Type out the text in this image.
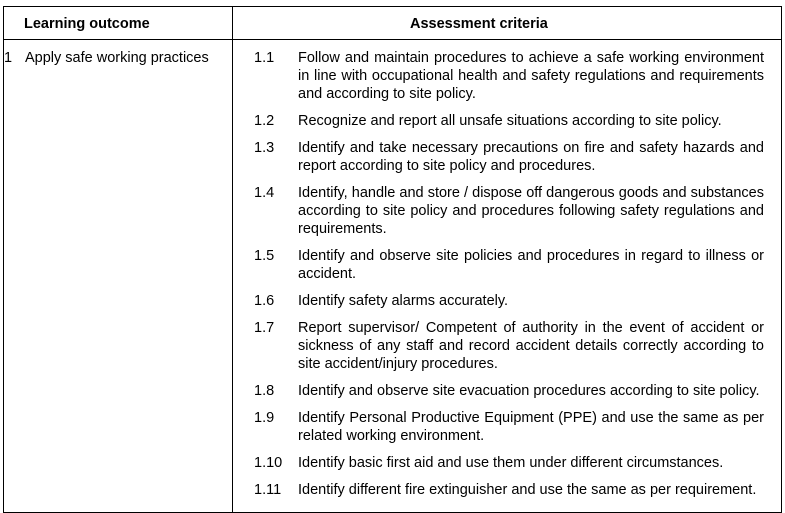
Learning outcome	Assessment criteria
1 Apply safe working practices	1.1	Follow and maintain procedures to achieve a safe working environment in line with occupational health and safety regulations and requirements and according to site policy.
1.2	Recognize and report all unsafe situations according to site policy.
1.3	Identify and take necessary precautions on fire and safety hazards and report according to site policy and procedures.
1.4	Identify, handle and store / dispose off dangerous goods and substances according to site policy and procedures following safety regulations and requirements.
1.5	Identify and observe site policies and procedures in regard to illness or accident.
1.6	Identify safety alarms accurately.
1.7	Report supervisor/ Competent of authority in the event of accident or sickness of any staff and record accident details correctly according to site accident/injury procedures.
1.8	Identify and observe site evacuation procedures according to site policy.
1.9	Identify Personal Productive Equipment (PPE) and use the same as per related working environment.
1.10	Identify basic first aid and use them under different circumstances.
1.11	Identify different fire extinguisher and use the same as per requirement.
